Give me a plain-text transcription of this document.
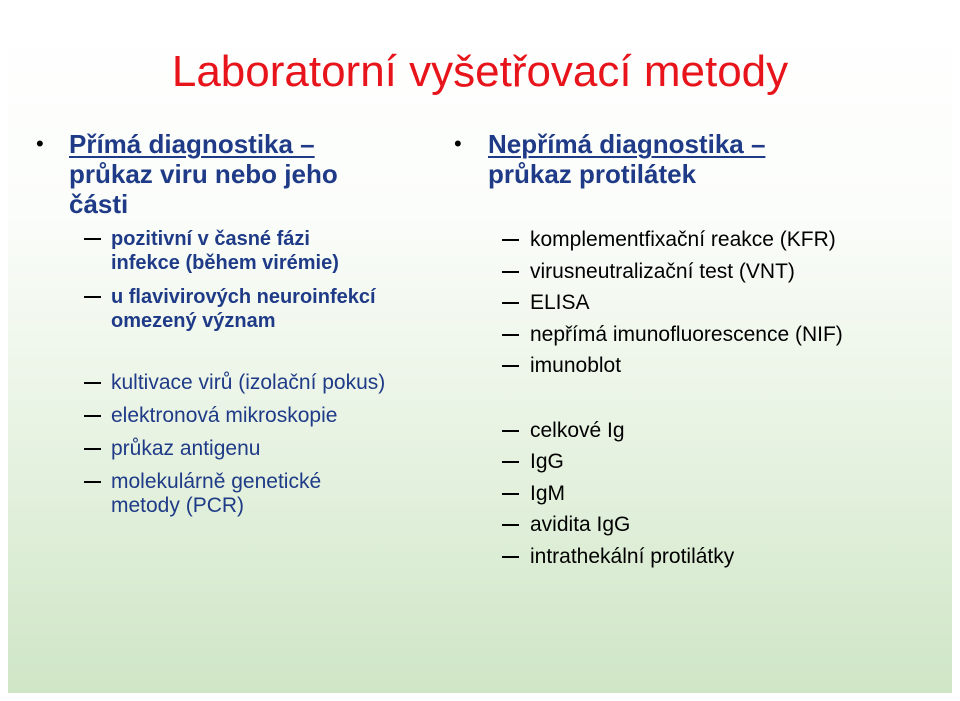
Laboratorní vyšetřovací metody
• Přímá diagnostika –
průkaz viru nebo jeho
části
pozitivní v časné fázi
infekce (během virémie)
u flavivirových neuroinfekcí
omezený význam
kultivace virů (izolační pokus)
elektronová mikroskopie
průkaz antigenu
molekulárně genetické
metody (PCR)
• Nepřímá diagnostika –
průkaz protilátek
komplementfixační reakce (KFR)
virusneutralizační test (VNT)
ELISA
nepřímá imunofluorescence (NIF)
imunoblot
celkové Ig
IgG
IgM
avidita IgG
intrathekální protilátky
